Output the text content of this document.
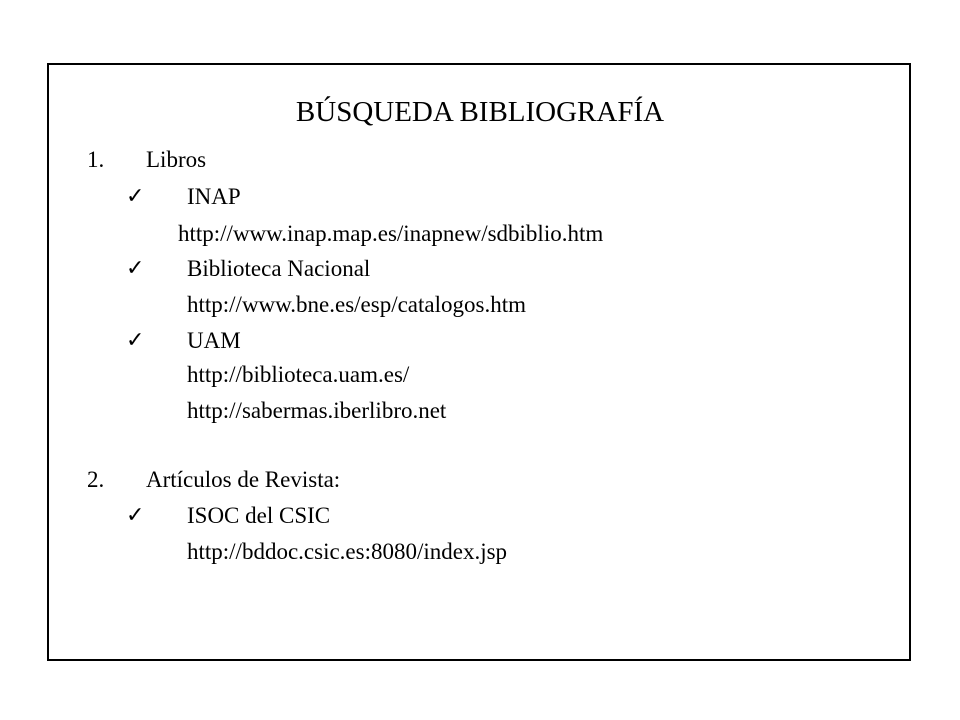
BÚSQUEDA BIBLIOGRAFÍA
1. Libros
✓ INAP
http://www.inap.map.es/inapnew/sdbiblio.htm
✓ Biblioteca Nacional
http://www.bne.es/esp/catalogos.htm
✓ UAM
http://biblioteca.uam.es/
http://sabermas.iberlibro.net
2. Artículos de Revista:
✓ ISOC del CSIC
http://bddoc.csic.es:8080/index.jsp
